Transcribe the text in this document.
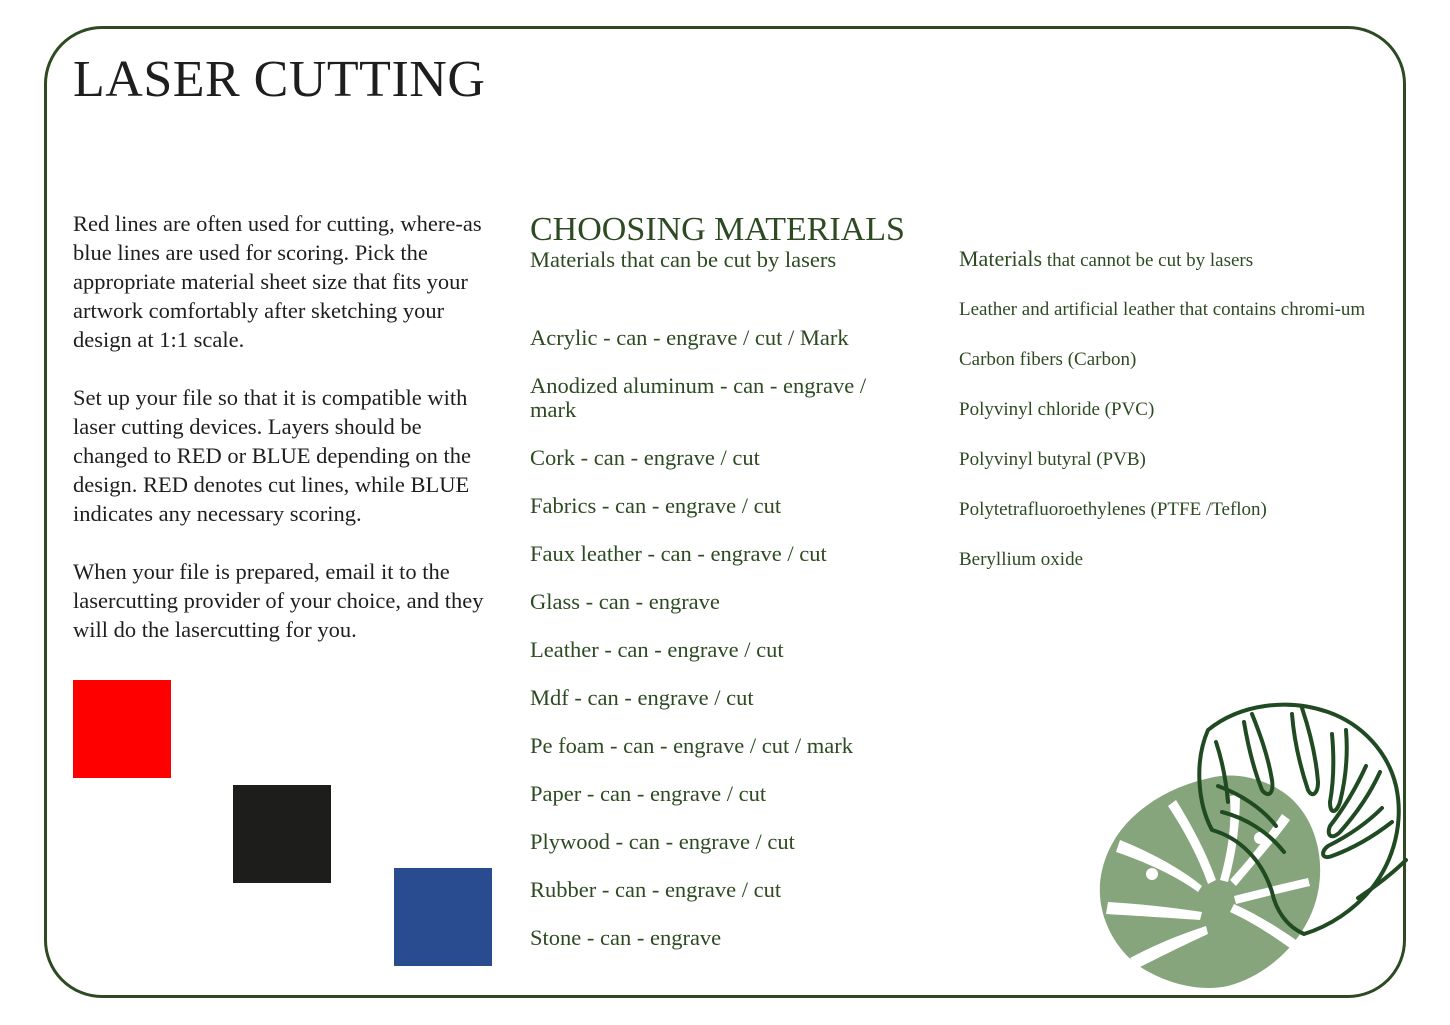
LASER CUTTING

Red lines are often used for cutting, where-as blue lines are used for scoring. Pick the appropriate material sheet size that fits your artwork comfortably after sketching your design at 1:1 scale.

Set up your file so that it is compatible with laser cutting devices. Layers should be changed to RED or BLUE depending on the design. RED denotes cut lines, while BLUE indicates any necessary scoring.

When your file is prepared, email it to the lasercutting provider of your choice, and they will do the lasercutting for you.

CHOOSING MATERIALS
Materials that can be cut by lasers
Acrylic - can - engrave / cut / Mark
Anodized aluminum - can - engrave / mark
Cork - can - engrave / cut
Fabrics - can - engrave / cut
Faux leather - can - engrave / cut
Glass - can - engrave
Leather - can - engrave / cut
Mdf - can - engrave / cut
Pe foam - can - engrave / cut / mark
Paper - can - engrave / cut
Plywood - can - engrave / cut
Rubber - can - engrave / cut
Stone - can - engrave
Materials that cannot be cut by lasers
Leather and artificial leather that contains chromi-um
Carbon fibers (Carbon)
Polyvinyl chloride (PVC)
Polyvinyl butyral (PVB)
Polytetrafluoroethylenes (PTFE /Teflon)
Beryllium oxide
